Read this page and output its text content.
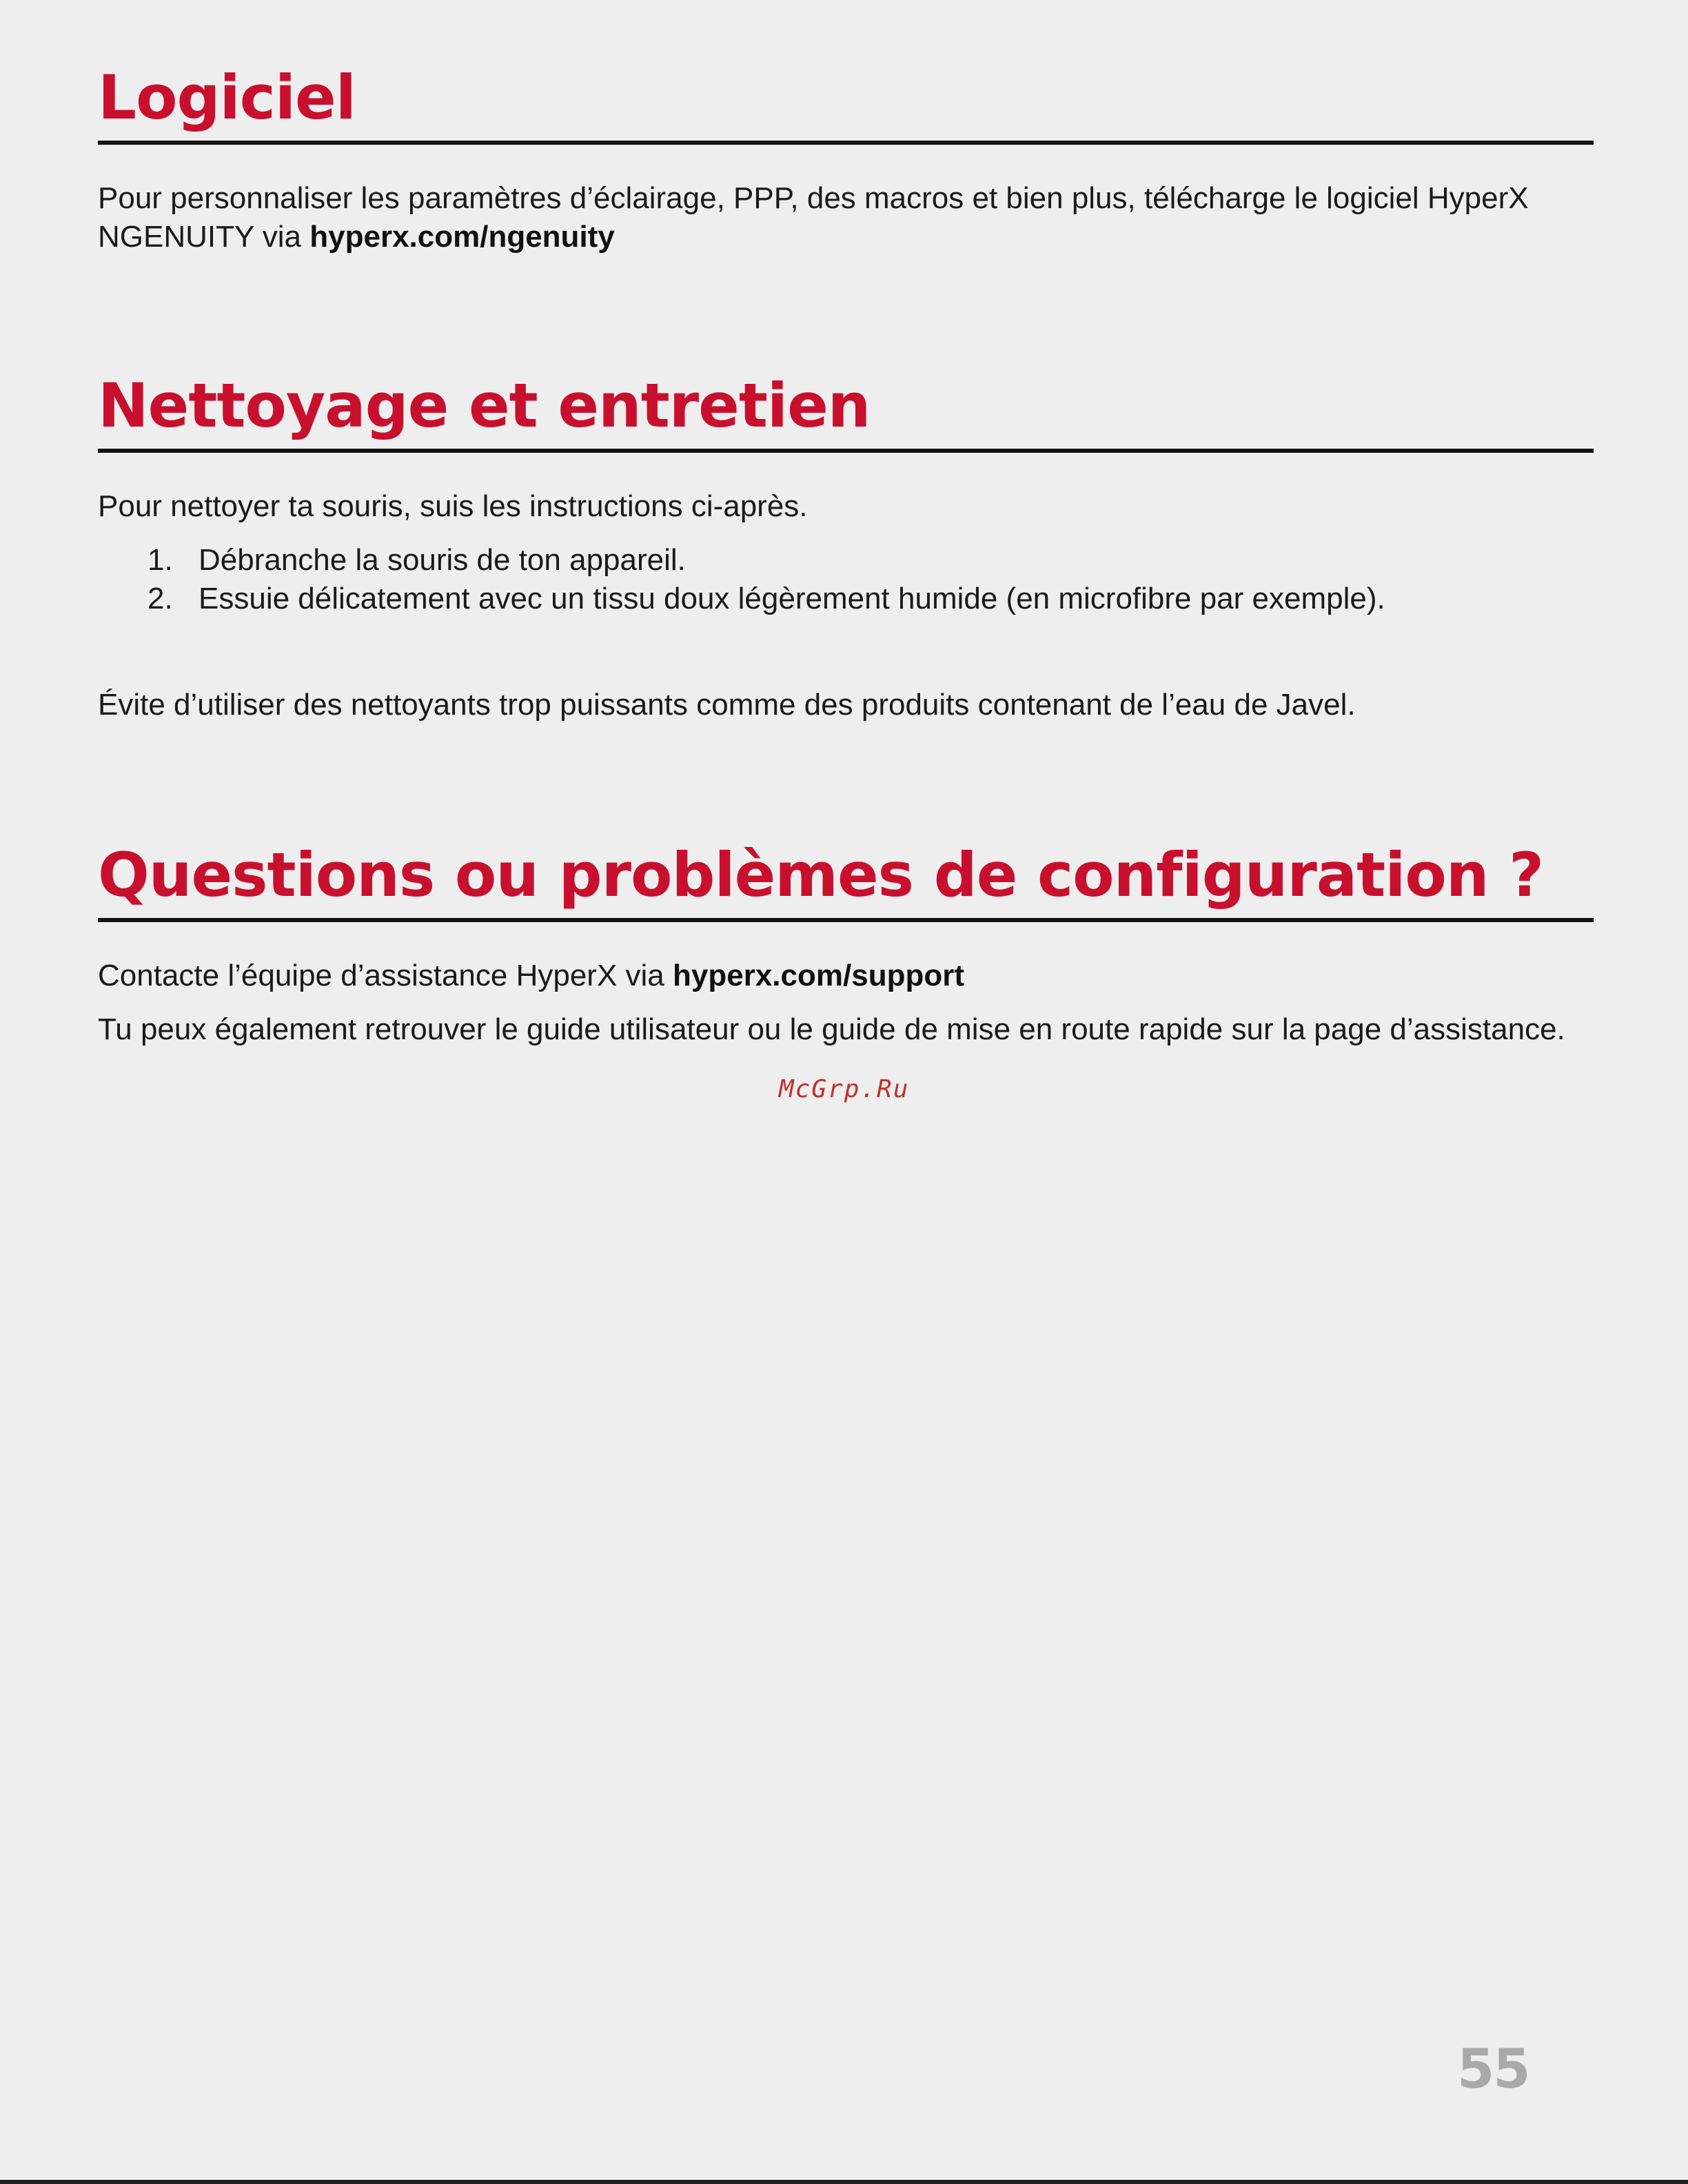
Logiciel

Pour personnaliser les paramètres d’éclairage, PPP, des macros et bien plus, télécharge le logiciel HyperX NGENUITY via hyperx.com/ngenuity

Nettoyage et entretien

Pour nettoyer ta souris, suis les instructions ci-après.

1. Débranche la souris de ton appareil.
2. Essuie délicatement avec un tissu doux légèrement humide (en microfibre par exemple).

Évite d’utiliser des nettoyants trop puissants comme des produits contenant de l’eau de Javel.

Questions ou problèmes de configuration ?

Contacte l’équipe d’assistance HyperX via hyperx.com/support

Tu peux également retrouver le guide utilisateur ou le guide de mise en route rapide sur la page d’assistance.

McGrp.Ru
55
